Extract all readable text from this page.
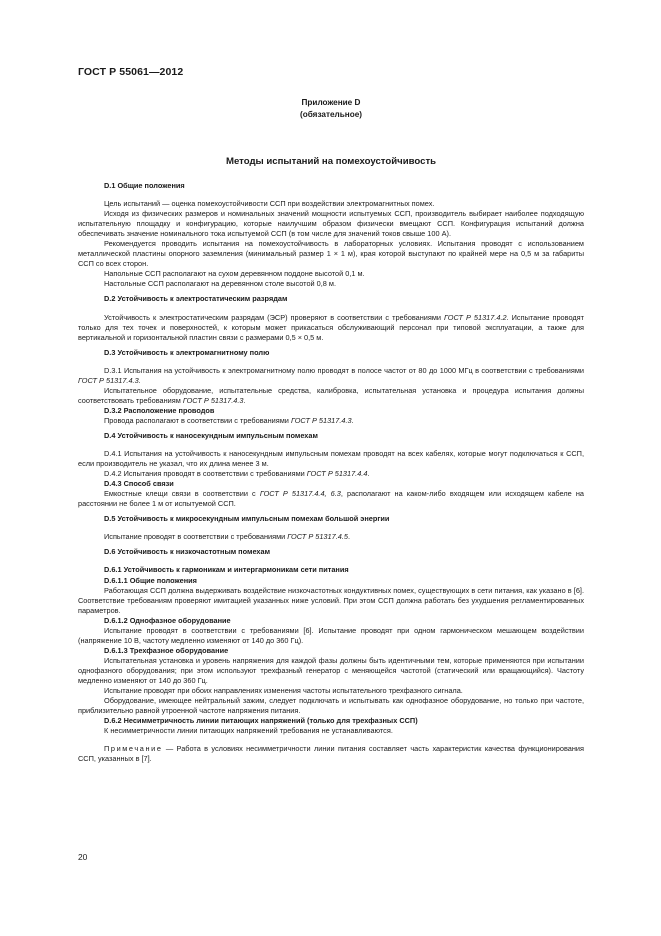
ГОСТ Р 55061—2012
Приложение D
(обязательное)
Методы испытаний на помехоустойчивость
D.1 Общие положения

Цель испытаний — оценка помехоустойчивости ССП при воздействии электромагнитных помех.

Исходя из физических размеров и номинальных значений мощности испытуемых ССП, производитель выбирает наиболее подходящую испытательную площадку и конфигурацию, которые наилучшим образом физически вмещают ССП. Конфигурация испытаний должна обеспечивать значение номинального тока испытуемой ССП (в том числе для значений токов свыше 100 А).

Рекомендуется проводить испытания на помехоустойчивость в лабораторных условиях. Испытания проводят с использованием металлической пластины опорного заземления (минимальный размер 1 × 1 м), края которой выступают по крайней мере на 0,5 м за габариты ССП со всех сторон.

Напольные ССП располагают на сухом деревянном поддоне высотой 0,1 м.

Настольные ССП располагают на деревянном столе высотой 0,8 м.

D.2 Устойчивость к электростатическим разрядам

Устойчивость к электростатическим разрядам (ЭСР) проверяют в соответствии с требованиями ГОСТ Р 51317.4.2. Испытание проводят только для тех точек и поверхностей, к которым может прикасаться обслуживающий персонал при типовой эксплуатации, а также для вертикальной и горизонтальной пластин связи с размерами 0,5 × 0,5 м.

D.3 Устойчивость к электромагнитному полю

D.3.1 Испытания на устойчивость к электромагнитному полю проводят в полосе частот от 80 до 1000 МГц в соответствии с требованиями ГОСТ Р 51317.4.3.

Испытательное оборудование, испытательные средства, калибровка, испытательная установка и процедура испытания должны соответствовать требованиям ГОСТ Р 51317.4.3.

D.3.2 Расположение проводов

Провода располагают в соответствии с требованиями ГОСТ Р 51317.4.3.

D.4 Устойчивость к наносекундным импульсным помехам

D.4.1 Испытания на устойчивость к наносекундным импульсным помехам проводят на всех кабелях, которые могут подключаться к ССП, если производитель не указал, что их длина менее 3 м.

D.4.2 Испытания проводят в соответствии с требованиями ГОСТ Р 51317.4.4.

D.4.3 Способ связи

Емкостные клещи связи в соответствии с ГОСТ Р 51317.4.4, 6.3, располагают на каком-либо входящем или исходящем кабеле на расстоянии не более 1 м от испытуемой ССП.

D.5 Устойчивость к микросекундным импульсным помехам большой энергии

Испытание проводят в соответствии с требованиями ГОСТ Р 51317.4.5.

D.6 Устойчивость к низкочастотным помехам
D.6.1 Устойчивость к гармоникам и интергармоникам сети питания
D.6.1.1 Общие положения

Работающая ССП должна выдерживать воздействие низкочастотных кондуктивных помех, существующих в сети питания, как указано в [6]. Соответствие требованиям проверяют имитацией указанных ниже условий. При этом ССП должна работать без ухудшения регламентированных параметров.

D.6.1.2 Однофазное оборудование

Испытание проводят в соответствии с требованиями [6]. Испытание проводят при одном гармоническом мешающем воздействии (напряжение 10 В, частоту медленно изменяют от 140 до 360 Гц).

D.6.1.3 Трехфазное оборудование

Испытательная установка и уровень напряжения для каждой фазы должны быть идентичными тем, которые применяются при испытании однофазного оборудования; при этом используют трехфазный генератор с меняющейся частотой (статический или вращающийся). Частоту медленно изменяют от 140 до 360 Гц.

Испытание проводят при обоих направлениях изменения частоты испытательного трехфазного сигнала.

Оборудование, имеющее нейтральный зажим, следует подключать и испытывать как однофазное оборудование, но только при частоте, приблизительно равной утроенной частоте напряжения питания.

D.6.2 Несимметричность линии питающих напряжений (только для трехфазных ССП)

К несимметричности линии питающих напряжений требования не устанавливаются.

Примечание — Работа в условиях несимметричности линии питания составляет часть характеристик качества функционирования ССП, указанных в [7].

20
